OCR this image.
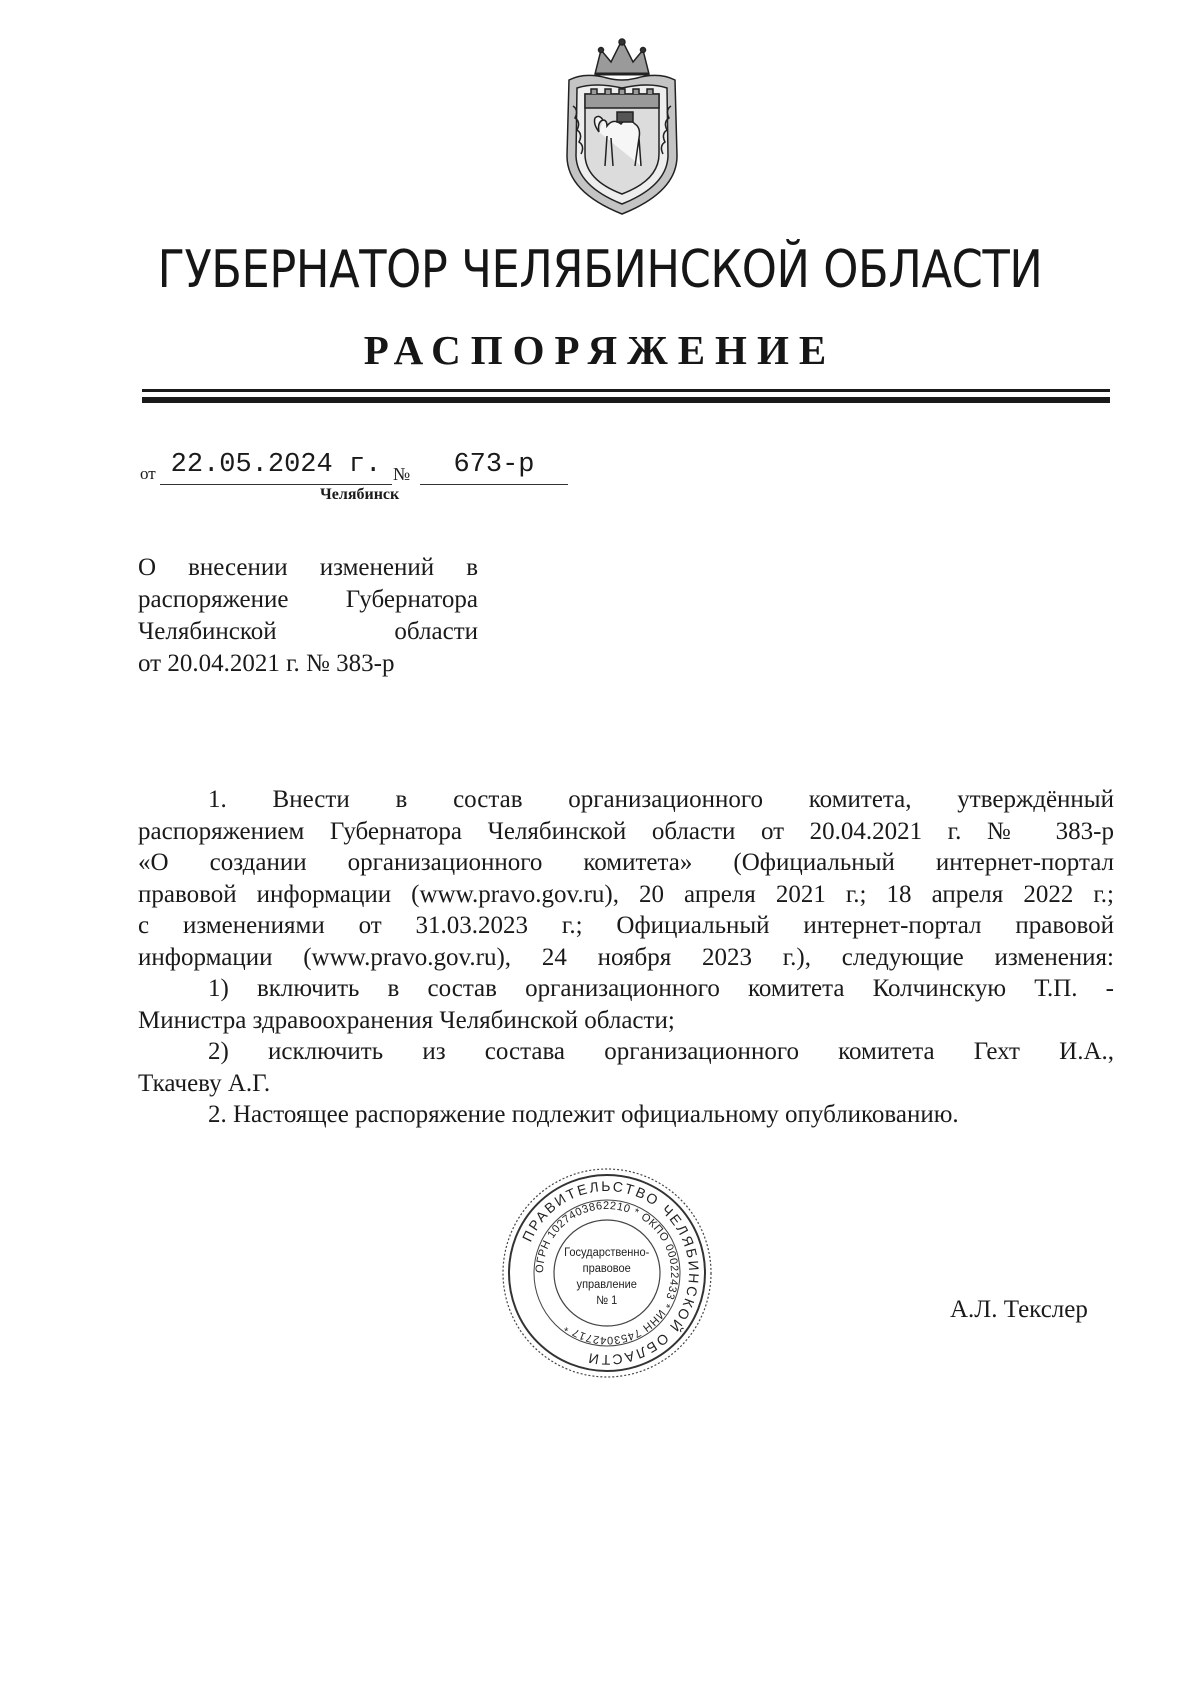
ГУБЕРНАТОР ЧЕЛЯБИНСКОЙ ОБЛАСТИ
РАСПОРЯЖЕНИЕ
от 22.05.2024 г. №	673-р
Челябинск
О внесении изменений в
распоряжение Губернатора
Челябинской области
от 20.04.2021 г. № 383-р
1. Внести в состав организационного комитета, утверждённый
распоряжением Губернатора Челябинской области от 20.04.2021 г. № 383-р
«О создании организационного комитета» (Официальный интернет-портал
правовой информации (www.pravo.gov.ru), 20 апреля 2021 г.; 18 апреля 2022 г.;
с изменениями от 31.03.2023 г.; Официальный интернет-портал правовой
информации (www.pravo.gov.ru), 24 ноября 2023 г.), следующие изменения:
1) включить в состав организационного комитета Колчинскую Т.П. -
Министра здравоохранения Челябинской области;
2) исключить из состава организационного комитета Гехт И.А.,
Ткачеву А.Г.
2. Настоящее распоряжение подлежит официальному опубликованию.
ПРАВИТЕЛЬСТВО ЧЕЛЯБИНСКОЙ ОБЛАСТИ
ОГРН 1027403862210 * ОКПО 00022433 * ИНН 7453042717 *
Государственно-
правовое
управление
№ 1	А.Л. Текслер
